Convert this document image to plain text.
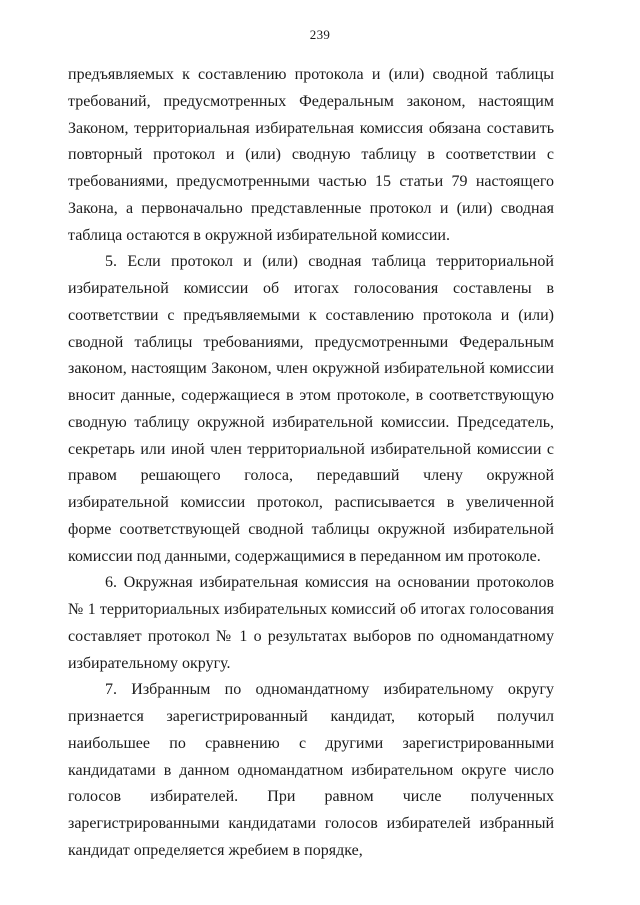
239

предъявляемых к составлению протокола и (или) сводной таблицы требований, предусмотренных Федеральным законом, настоящим Законом, территориальная избирательная комиссия обязана составить повторный протокол и (или) сводную таблицу в соответствии с требованиями, предусмотренными частью 15 статьи 79 настоящего Закона, а первоначально представленные протокол и (или) сводная таблица остаются в окружной избирательной комиссии.

5. Если протокол и (или) сводная таблица территориальной избирательной комиссии об итогах голосования составлены в соответствии с предъявляемыми к составлению протокола и (или) сводной таблицы требованиями, предусмотренными Федеральным законом, настоящим Законом, член окружной избирательной комиссии вносит данные, содержащиеся в этом протоколе, в соответствующую сводную таблицу окружной избирательной комиссии. Председатель, секретарь или иной член территориальной избирательной комиссии с правом решающего голоса, передавший члену окружной избирательной комиссии протокол, расписывается в увеличенной форме соответствующей сводной таблицы окружной избирательной комиссии под данными, содержащимися в переданном им протоколе.

6. Окружная избирательная комиссия на основании протоколов № 1 территориальных избирательных комиссий об итогах голосования составляет протокол № 1 о результатах выборов по одномандатному избирательному округу.

7. Избранным по одномандатному избирательному округу признается зарегистрированный кандидат, который получил наибольшее по сравнению с другими зарегистрированными кандидатами в данном одномандатном избирательном округе число голосов избирателей. При равном числе полученных зарегистрированными кандидатами голосов избирателей избранный кандидат определяется жребием в порядке,
